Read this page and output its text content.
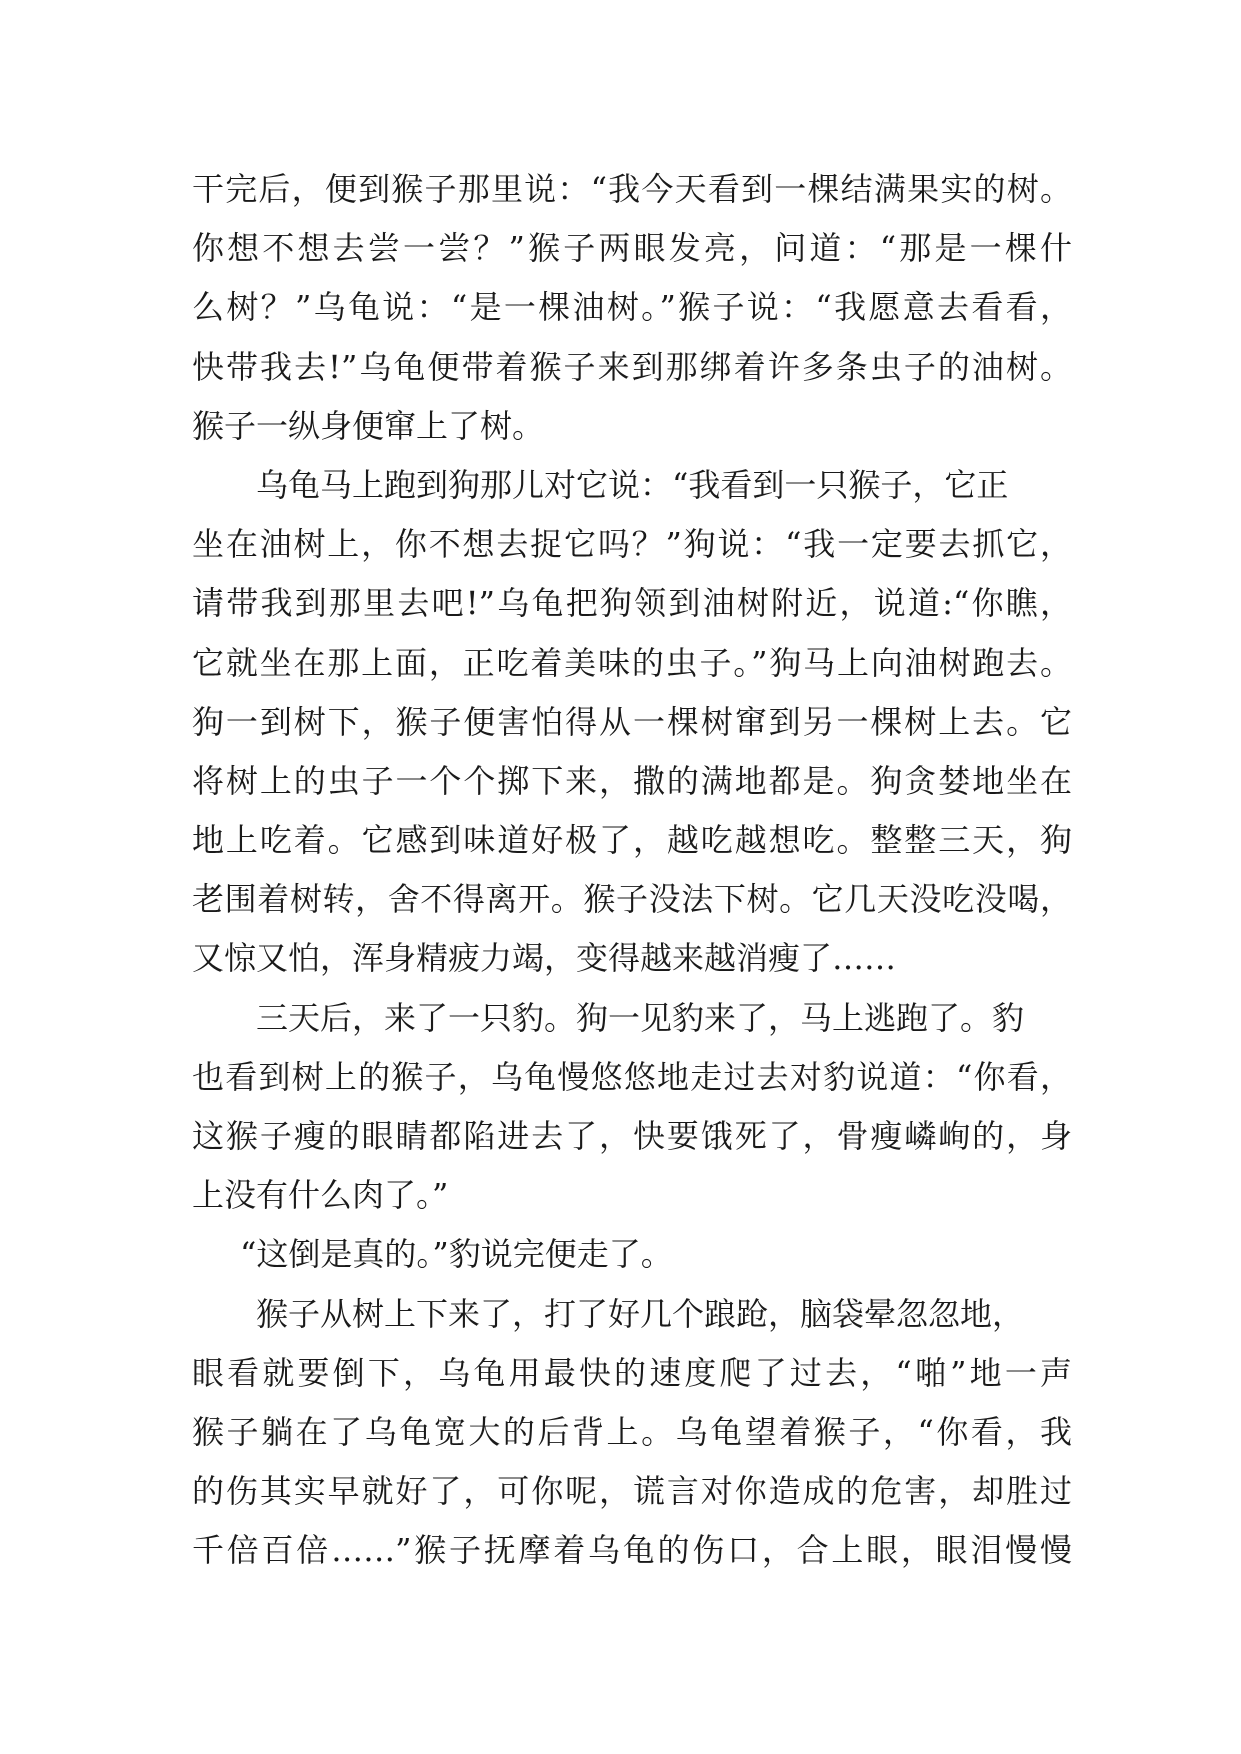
干完后，便到猴子那里说：“我今天看到一棵结满果实的树。
你想不想去尝一尝？”猴子两眼发亮，问道：“那是一棵什
么树？”乌龟说：“是一棵油树。”猴子说：“我愿意去看看，
快带我去!”乌龟便带着猴子来到那绑着许多条虫子的油树。
猴子一纵身便窜上了树。
乌龟马上跑到狗那儿对它说：“我看到一只猴子，它正
坐在油树上，你不想去捉它吗？”狗说：“我一定要去抓它，
请带我到那里去吧!”乌龟把狗领到油树附近，说道:“你瞧，
它就坐在那上面，正吃着美味的虫子。”狗马上向油树跑去。
狗一到树下，猴子便害怕得从一棵树窜到另一棵树上去。它
将树上的虫子一个个掷下来，撒的满地都是。狗贪婪地坐在
地上吃着。它感到味道好极了，越吃越想吃。整整三天，狗
老围着树转，舍不得离开。猴子没法下树。它几天没吃没喝，
又惊又怕，浑身精疲力竭，变得越来越消瘦了……
三天后，来了一只豹。狗一见豹来了，马上逃跑了。豹
也看到树上的猴子，乌龟慢悠悠地走过去对豹说道：“你看，
这猴子瘦的眼睛都陷进去了，快要饿死了，骨瘦嶙峋的，身
上没有什么肉了。”
“这倒是真的。”豹说完便走了。
猴子从树上下来了，打了好几个踉跄，脑袋晕忽忽地，
眼看就要倒下，乌龟用最快的速度爬了过去，“啪”地一声
猴子躺在了乌龟宽大的后背上。乌龟望着猴子，“你看，我
的伤其实早就好了，可你呢，谎言对你造成的危害，却胜过
千倍百倍……”猴子抚摩着乌龟的伤口，合上眼，眼泪慢慢
